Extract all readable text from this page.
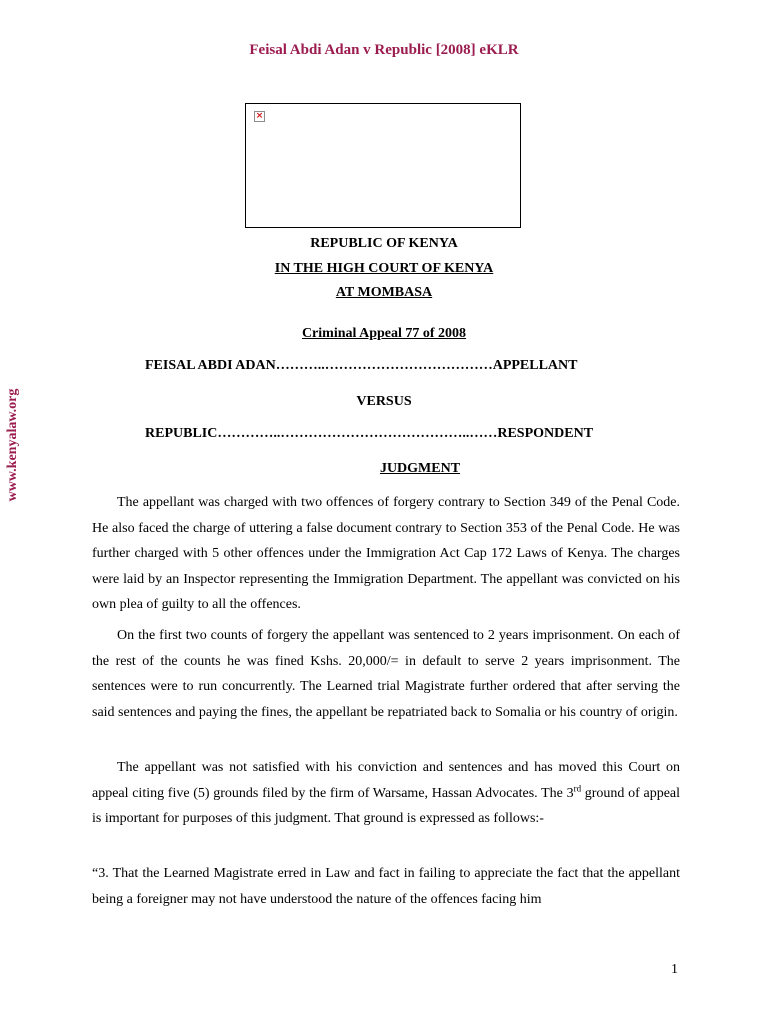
Feisal Abdi Adan v Republic [2008] eKLR
×
www.kenyalaw.org
REPUBLIC OF KENYA
IN THE HIGH COURT OF KENYA
AT MOMBASA
Criminal Appeal 77 of 2008
FEISAL ABDI ADAN………..………………………………APPELLANT
VERSUS
REPUBLIC…………..…………………………………..……RESPONDENT
JUDGMENT
The appellant was charged with two offences of forgery contrary to Section 349 of the Penal Code. He also faced the charge of uttering a false document contrary to Section 353 of the Penal Code. He was further charged with 5 other offences under the Immigration Act Cap 172 Laws of Kenya. The charges were laid by an Inspector representing the Immigration Department. The appellant was convicted on his own plea of guilty to all the offences.
On the first two counts of forgery the appellant was sentenced to 2 years imprisonment. On each of the rest of the counts he was fined Kshs. 20,000/= in default to serve 2 years imprisonment. The sentences were to run concurrently. The Learned trial Magistrate further ordered that after serving the said sentences and paying the fines, the appellant be repatriated back to Somalia or his country of origin.
The appellant was not satisfied with his conviction and sentences and has moved this Court on appeal citing five (5) grounds filed by the firm of Warsame, Hassan Advocates. The 3rd ground of appeal is important for purposes of this judgment. That ground is expressed as follows:-
“3. That the Learned Magistrate erred in Law and fact in failing to appreciate the fact that the appellant being a foreigner may not have understood the nature of the offences facing him
1
